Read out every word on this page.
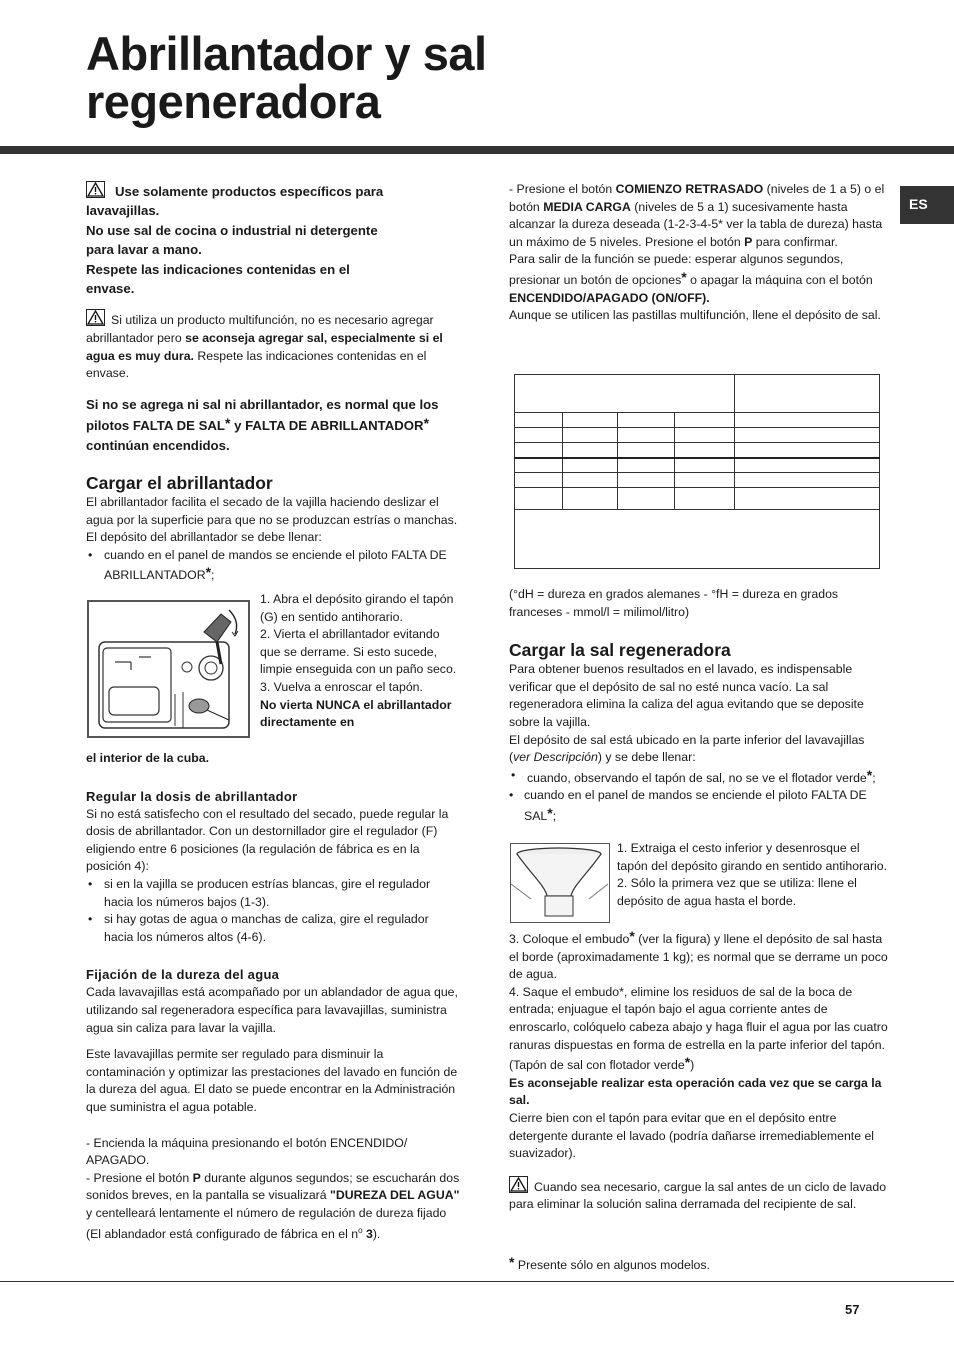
Abrillantador y sal
regeneradora
ES
Use solamente productos específicos para
lavavajillas.
No use sal de cocina o industrial ni detergente
para lavar a mano.
Respete las indicaciones contenidas en el
envase.

Si utiliza un producto multifunción, no es necesario agregar abrillantador pero se aconseja agregar sal, especialmente si el agua es muy dura. Respete las indicaciones contenidas en el envase.

Si no se agrega ni sal ni abrillantador, es normal que los pilotos FALTA DE SAL* y FALTA DE ABRILLANTADOR* continúan encendidos.

Cargar el abrillantador

El abrillantador facilita el secado de la vajilla haciendo deslizar el agua por la superficie para que no se produzcan estrías o manchas.

El depósito del abrillantador se debe llenar:

• cuando en el panel de mandos se enciende el piloto FALTA DE ABRILLANTADOR*;

1. Abra el depósito girando el tapón (G) en sentido antihorario.

2. Vierta el abrillantador evitando que se derrame. Si esto sucede, limpie enseguida con un paño seco.

3. Vuelva a enroscar el tapón.

No vierta NUNCA el abrillantador directamente en

el interior de la cuba.

Regular la dosis de abrillantador

Si no está satisfecho con el resultado del secado, puede regular la dosis de abrillantador. Con un destornillador gire el regulador (F) eligiendo entre 6 posiciones (la regulación de fábrica es en la posición 4):

• si en la vajilla se producen estrías blancas, gire el regulador hacia los números bajos (1-3).

• si hay gotas de agua o manchas de caliza, gire el regulador hacia los números altos (4-6).

Fijación de la dureza del agua

Cada lavavajillas está acompañado por un ablandador de agua que, utilizando sal regeneradora específica para lavavajillas, suministra agua sin caliza para lavar la vajilla.

Este lavavajillas permite ser regulado para disminuir la contaminación y optimizar las prestaciones del lavado en función de la dureza del agua. El dato se puede encontrar en la Administración que suministra el agua potable.

- Encienda la máquina presionando el botón ENCENDIDO/ APAGADO.

- Presione el botón P durante algunos segundos; se escucharán dos sonidos breves, en la pantalla se visualizará "DUREZA DEL AGUA" y centelleará lentamente el número de regulación de dureza fijado (El ablandador está configurado de fábrica en el $n^o$ 3).

- Presione el botón COMIENZO RETRASADO (niveles de 1 a 5) o el botón MEDIA CARGA (niveles de 5 a 1) sucesivamente hasta alcanzar la dureza deseada (1-2-3-4-5* ver la tabla de dureza) hasta un máximo de 5 niveles. Presione el botón P para confirmar.

Para salir de la función se puede: esperar algunos segundos, presionar un botón de opciones* o apagar la máquina con el botón ENCENDIDO/APAGADO (ON/OFF).

Aunque se utilicen las pastillas multifunción, llene el depósito de sal.

(°dH = dureza en grados alemanes - °fH = dureza en grados franceses - mmol/l = milimol/litro)

Cargar la sal regeneradora

Para obtener buenos resultados en el lavado, es indispensable verificar que el depósito de sal no esté nunca vacío. La sal regeneradora elimina la caliza del agua evitando que se deposite sobre la vajilla.

El depósito de sal está ubicado en la parte inferior del lavavajillas (ver Descripción) y se debe llenar:

• cuando, observando el tapón de sal, no se ve el flotador verde*;

• cuando en el panel de mandos se enciende el piloto FALTA DE SAL*;

1. Extraiga el cesto inferior y desenrosque el tapón del depósito girando en sentido antihorario.

2. Sólo la primera vez que se utiliza: llene el depósito de agua hasta el borde.

3. Coloque el embudo* (ver la figura) y llene el depósito de sal hasta el borde (aproximadamente 1 kg); es normal que se derrame un poco de agua.

4. Saque el embudo*, elimine los residuos de sal de la boca de entrada; enjuague el tapón bajo el agua corriente antes de enroscarlo, colóquelo cabeza abajo y haga fluir el agua por las cuatro ranuras dispuestas en forma de estrella en la parte inferior del tapón. (Tapón de sal con flotador verde*)

Es aconsejable realizar esta operación cada vez que se carga la sal.

Cierre bien con el tapón para evitar que en el depósito entre detergente durante el lavado (podría dañarse irremediablemente el suavizador).

Cuando sea necesario, cargue la sal antes de un ciclo de lavado para eliminar la solución salina derramada del recipiente de sal.

* Presente sólo en algunos modelos.

57
